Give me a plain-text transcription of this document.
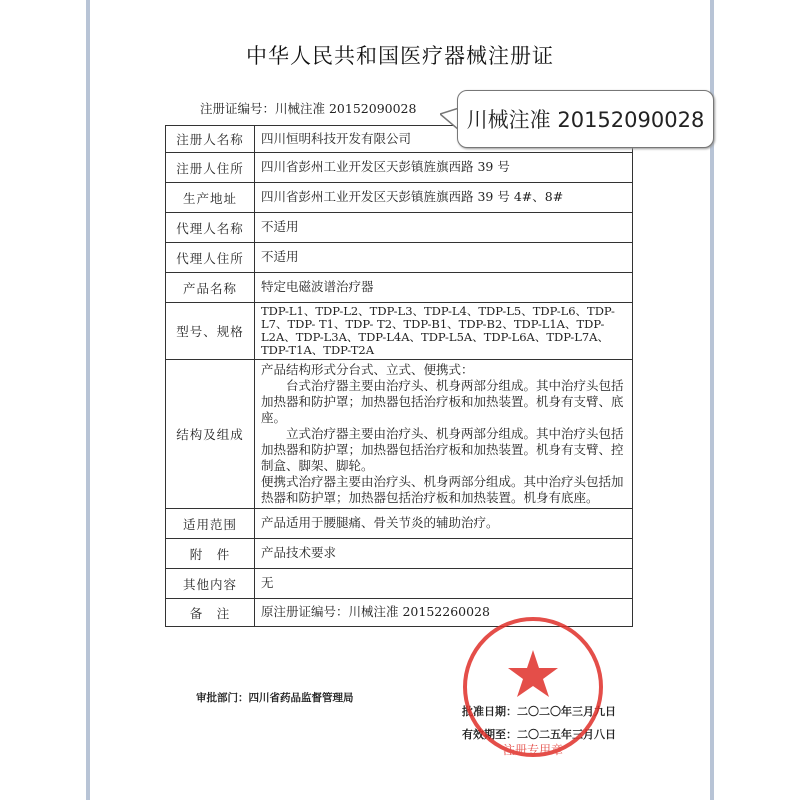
中华人民共和国医疗器械注册证
注册证编号：川械注准 20152090028
注册人名称	四川恒明科技开发有限公司
注册人住所	四川省彭州工业开发区天彭镇旌旗西路 39 号
生产地址	四川省彭州工业开发区天彭镇旌旗西路 39 号 4#、8#
代理人名称	不适用
代理人住所	不适用
产品名称	特定电磁波谱治疗器
型号、规格	TDP-L1、TDP-L2、TDP-L3、TDP-L4、TDP-L5、TDP-L6、TDP-L7、TDP- T1、TDP- T2、TDP-B1、TDP-B2、TDP-L1A、TDP-L2A、TDP-L3A、TDP-L4A、TDP-L5A、TDP-L6A、TDP-L7A、TDP-T1A、TDP-T2A
结构及组成	产品结构形式分台式、立式、便携式：
台式治疗器主要由治疗头、机身两部分组成。其中治疗头包括加热器和防护罩；加热器包括治疗板和加热装置。机身有支臂、底座。
立式治疗器主要由治疗头、机身两部分组成。其中治疗头包括加热器和防护罩；加热器包括治疗板和加热装置。机身有支臂、控制盒、脚架、脚轮。
便携式治疗器主要由治疗头、机身两部分组成。其中治疗头包括加热器和防护罩；加热器包括治疗板和加热装置。机身有底座。

适用范围	产品适用于腰腿痛、骨关节炎的辅助治疗。
附　件	产品技术要求
其他内容	无
备　注	原注册证编号：川械注准 20152260028
川械注准 20152090028
审批部门：四川省药品监督管理局
批准日期：二〇二〇年三月九日
有效期至：二〇二五年三月八日
注册专用章
